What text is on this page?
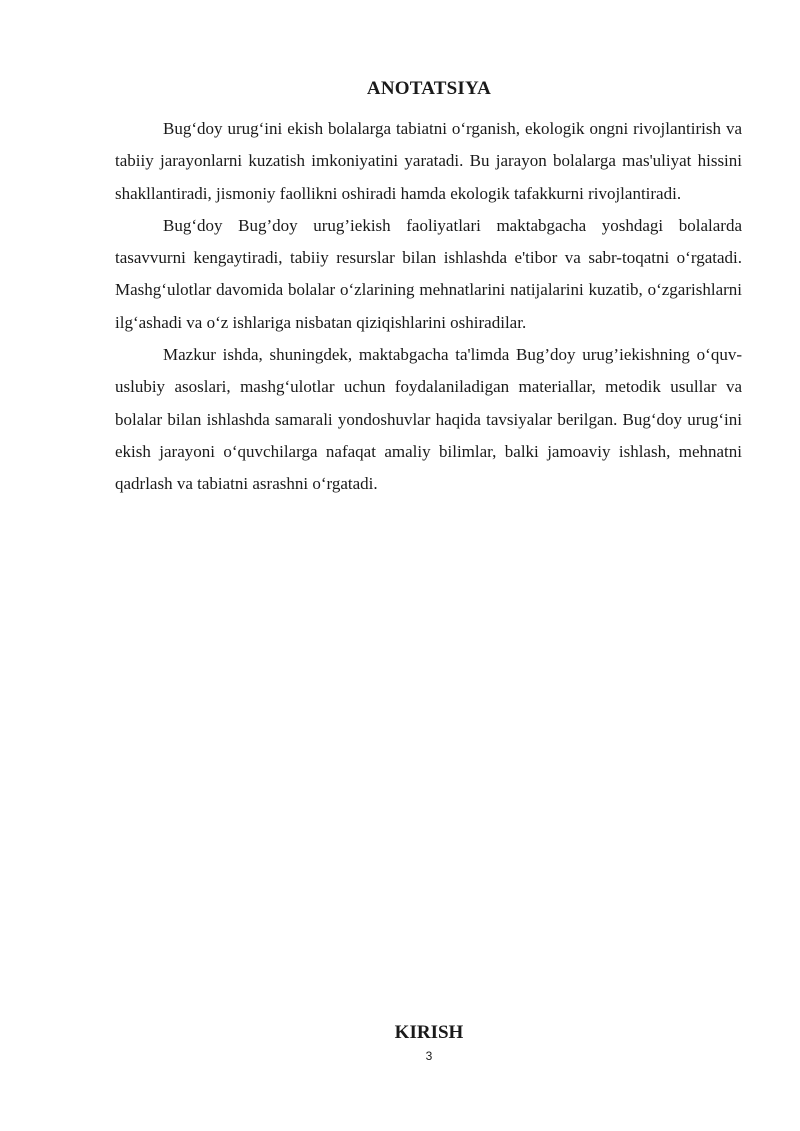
ANOTATSIYA

Bug‘doy urug‘ini ekish bolalarga tabiatni o‘rganish, ekologik ongni rivojlantirish va tabiiy jarayonlarni kuzatish imkoniyatini yaratadi. Bu jarayon bolalarga mas'uliyat hissini shakllantiradi, jismoniy faollikni oshiradi hamda ekologik tafakkurni rivojlantiradi.

Bug‘doy Bug’doy urug’iekish faoliyatlari maktabgacha yoshdagi bolalarda tasavvurni kengaytiradi, tabiiy resurslar bilan ishlashda e'tibor va sabr-toqatni o‘rgatadi. Mashg‘ulotlar davomida bolalar o‘zlarining mehnatlarini natijalarini kuzatib, o‘zgarishlarni ilg‘ashadi va o‘z ishlariga nisbatan qiziqishlarini oshiradilar.

Mazkur ishda, shuningdek, maktabgacha ta'limda Bug’doy urug’iekishning o‘quv-uslubiy asoslari, mashg‘ulotlar uchun foydalaniladigan materiallar, metodik usullar va bolalar bilan ishlashda samarali yondoshuvlar haqida tavsiyalar berilgan. Bug‘doy urug‘ini ekish jarayoni o‘quvchilarga nafaqat amaliy bilimlar, balki jamoaviy ishlash, mehnatni qadrlash va tabiatni asrashni o‘rgatadi.

KIRISH
3
